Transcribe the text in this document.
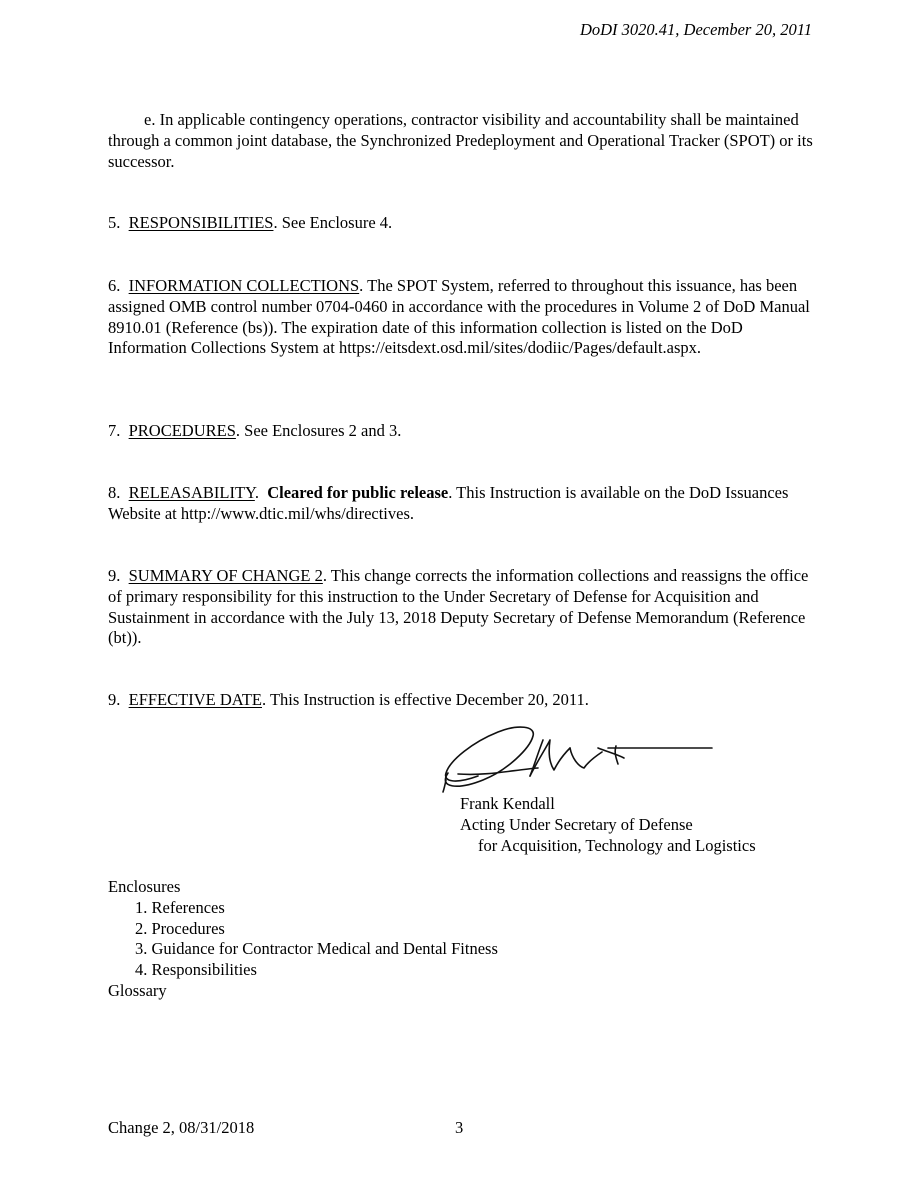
DoDI 3020.41, December 20, 2011
e. In applicable contingency operations, contractor visibility and accountability shall be maintained through a common joint database, the Synchronized Predeployment and Operational Tracker (SPOT) or its successor.
5. RESPONSIBILITIES. See Enclosure 4.
6. INFORMATION COLLECTIONS. The SPOT System, referred to throughout this issuance, has been assigned OMB control number 0704-0460 in accordance with the procedures in Volume 2 of DoD Manual 8910.01 (Reference (bs)). The expiration date of this information collection is listed on the DoD Information Collections System at https://eitsdext.osd.mil/sites/dodiic/Pages/default.aspx.
7. PROCEDURES. See Enclosures 2 and 3.
8. RELEASABILITY.  Cleared for public release. This Instruction is available on the DoD Issuances Website at http://www.dtic.mil/whs/directives.
9. SUMMARY OF CHANGE 2. This change corrects the information collections and reassigns the office of primary responsibility for this instruction to the Under Secretary of Defense for Acquisition and Sustainment in accordance with the July 13, 2018 Deputy Secretary of Defense Memorandum (Reference (bt)).
9. EFFECTIVE DATE. This Instruction is effective December 20, 2011.
Frank Kendall
Acting Under Secretary of Defense
for Acquisition, Technology and Logistics
Enclosures
1. References
2. Procedures
3. Guidance for Contractor Medical and Dental Fitness
4. Responsibilities
Glossary
Change 2, 08/31/2018	3
